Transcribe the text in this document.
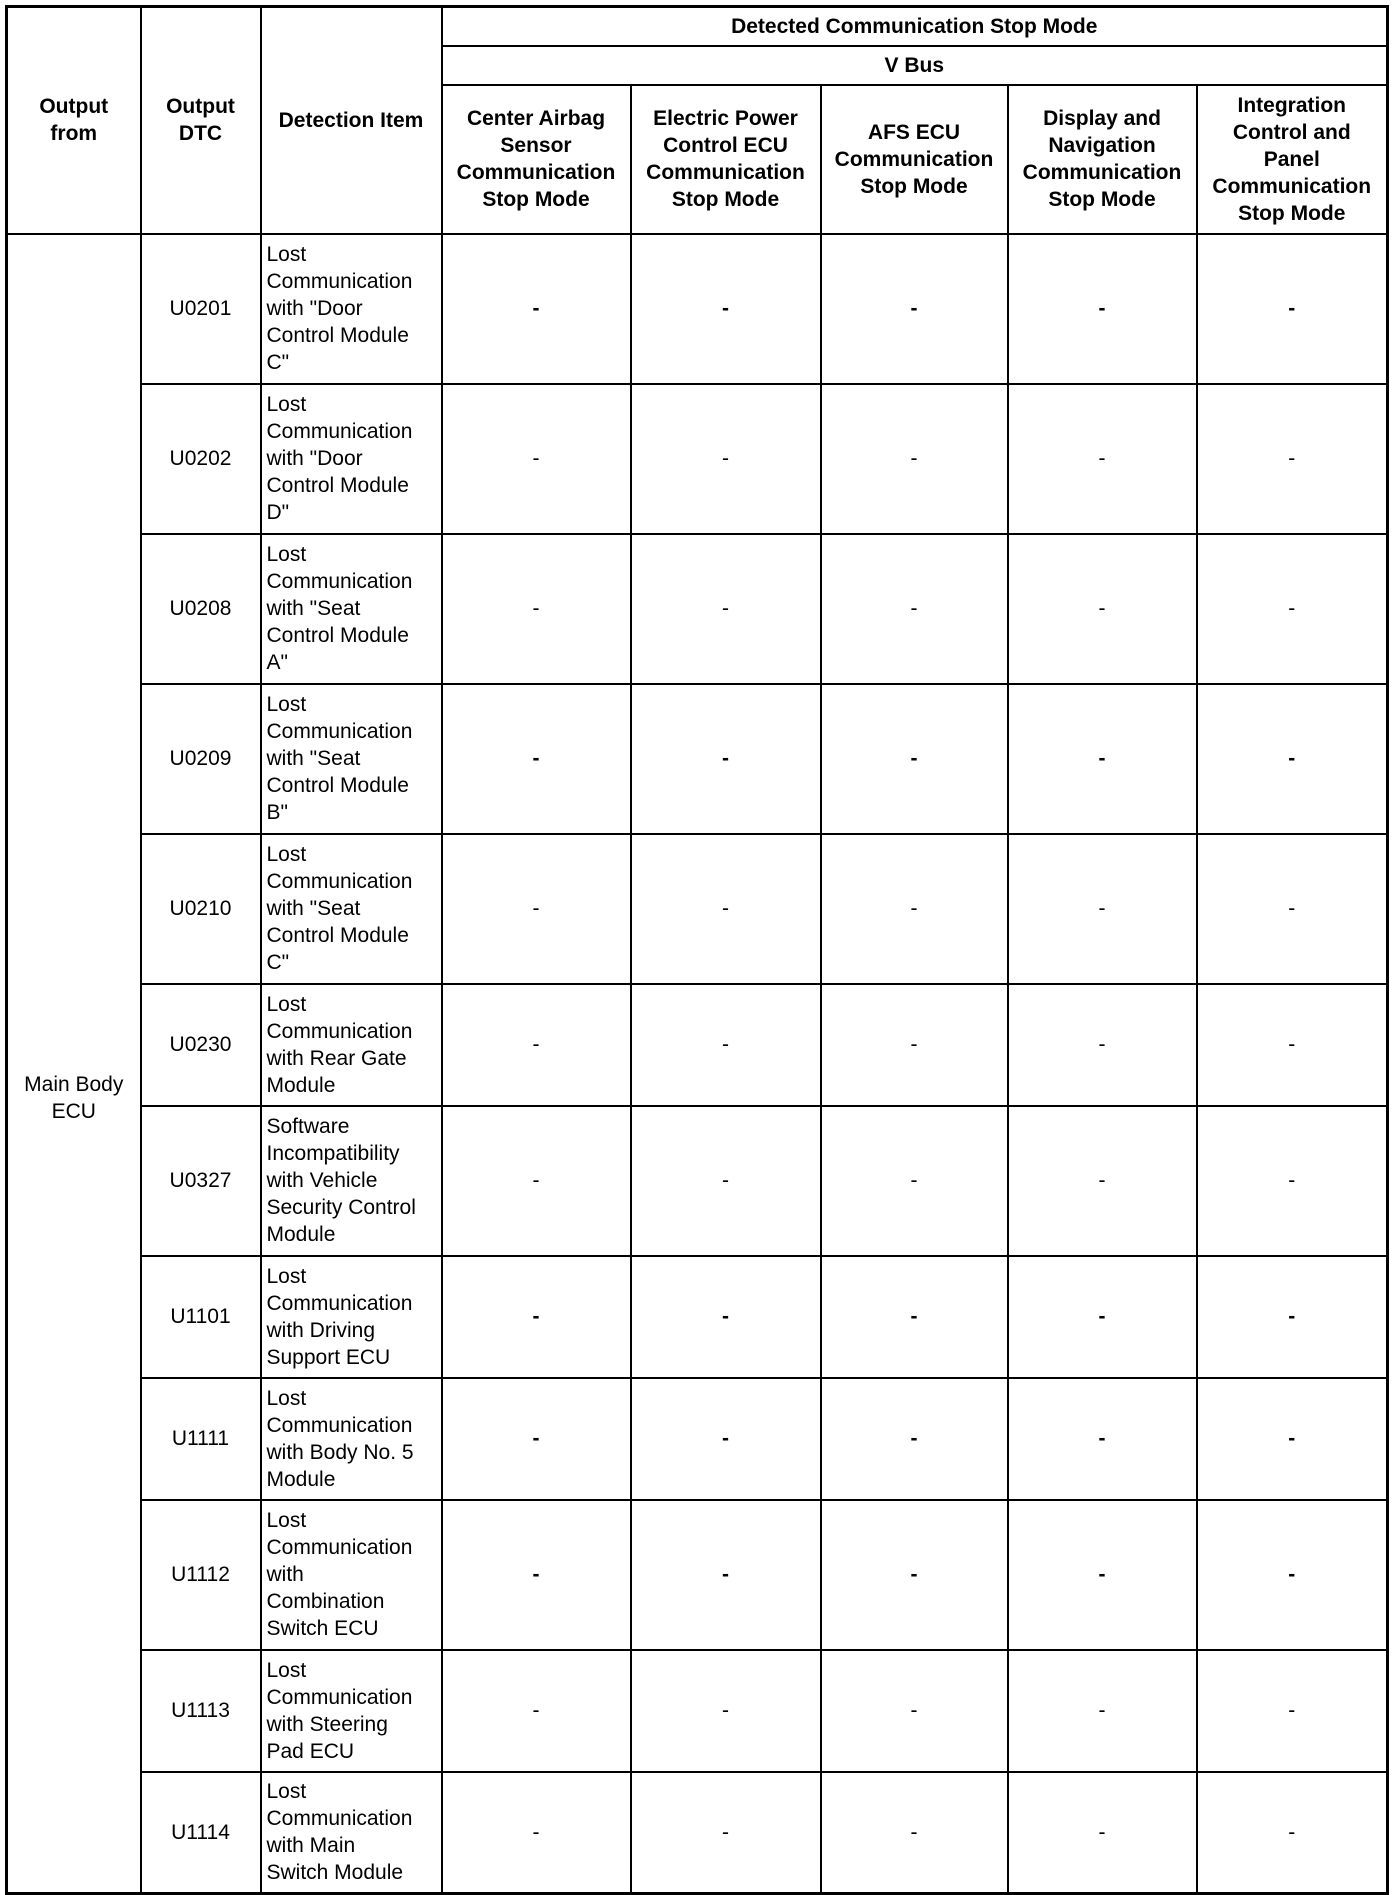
Output
from	Output
DTC	Detection Item	Detected Communication Stop Mode				
			V Bus				
			Center Airbag
Sensor
Communication
Stop Mode	Electric Power
Control ECU
Communication
Stop Mode	AFS ECU
Communication
Stop Mode	Display and
Navigation
Communication
Stop Mode	Integration
Control and
Panel
Communication
Stop Mode
Main Body
ECU	U0201	Lost
Communication
with "Door
Control Module
C"	-	-	-	-	-
	U0202	Lost
Communication
with "Door
Control Module
D"	-	-	-	-	-
	U0208	Lost
Communication
with "Seat
Control Module
A"	-	-	-	-	-
	U0209	Lost
Communication
with "Seat
Control Module
B"	-	-	-	-	-
	U0210	Lost
Communication
with "Seat
Control Module
C"	-	-	-	-	-
	U0230	Lost
Communication
with Rear Gate
Module	-	-	-	-	-
	U0327	Software
Incompatibility
with Vehicle
Security Control
Module	-	-	-	-	-
	U1101	Lost
Communication
with Driving
Support ECU	-	-	-	-	-
	U1111	Lost
Communication
with Body No. 5
Module	-	-	-	-	-
	U1112	Lost
Communication
with
Combination
Switch ECU	-	-	-	-	-
	U1113	Lost
Communication
with Steering
Pad ECU	-	-	-	-	-
	U1114	Lost
Communication
with Main
Switch Module	-	-	-	-	-
